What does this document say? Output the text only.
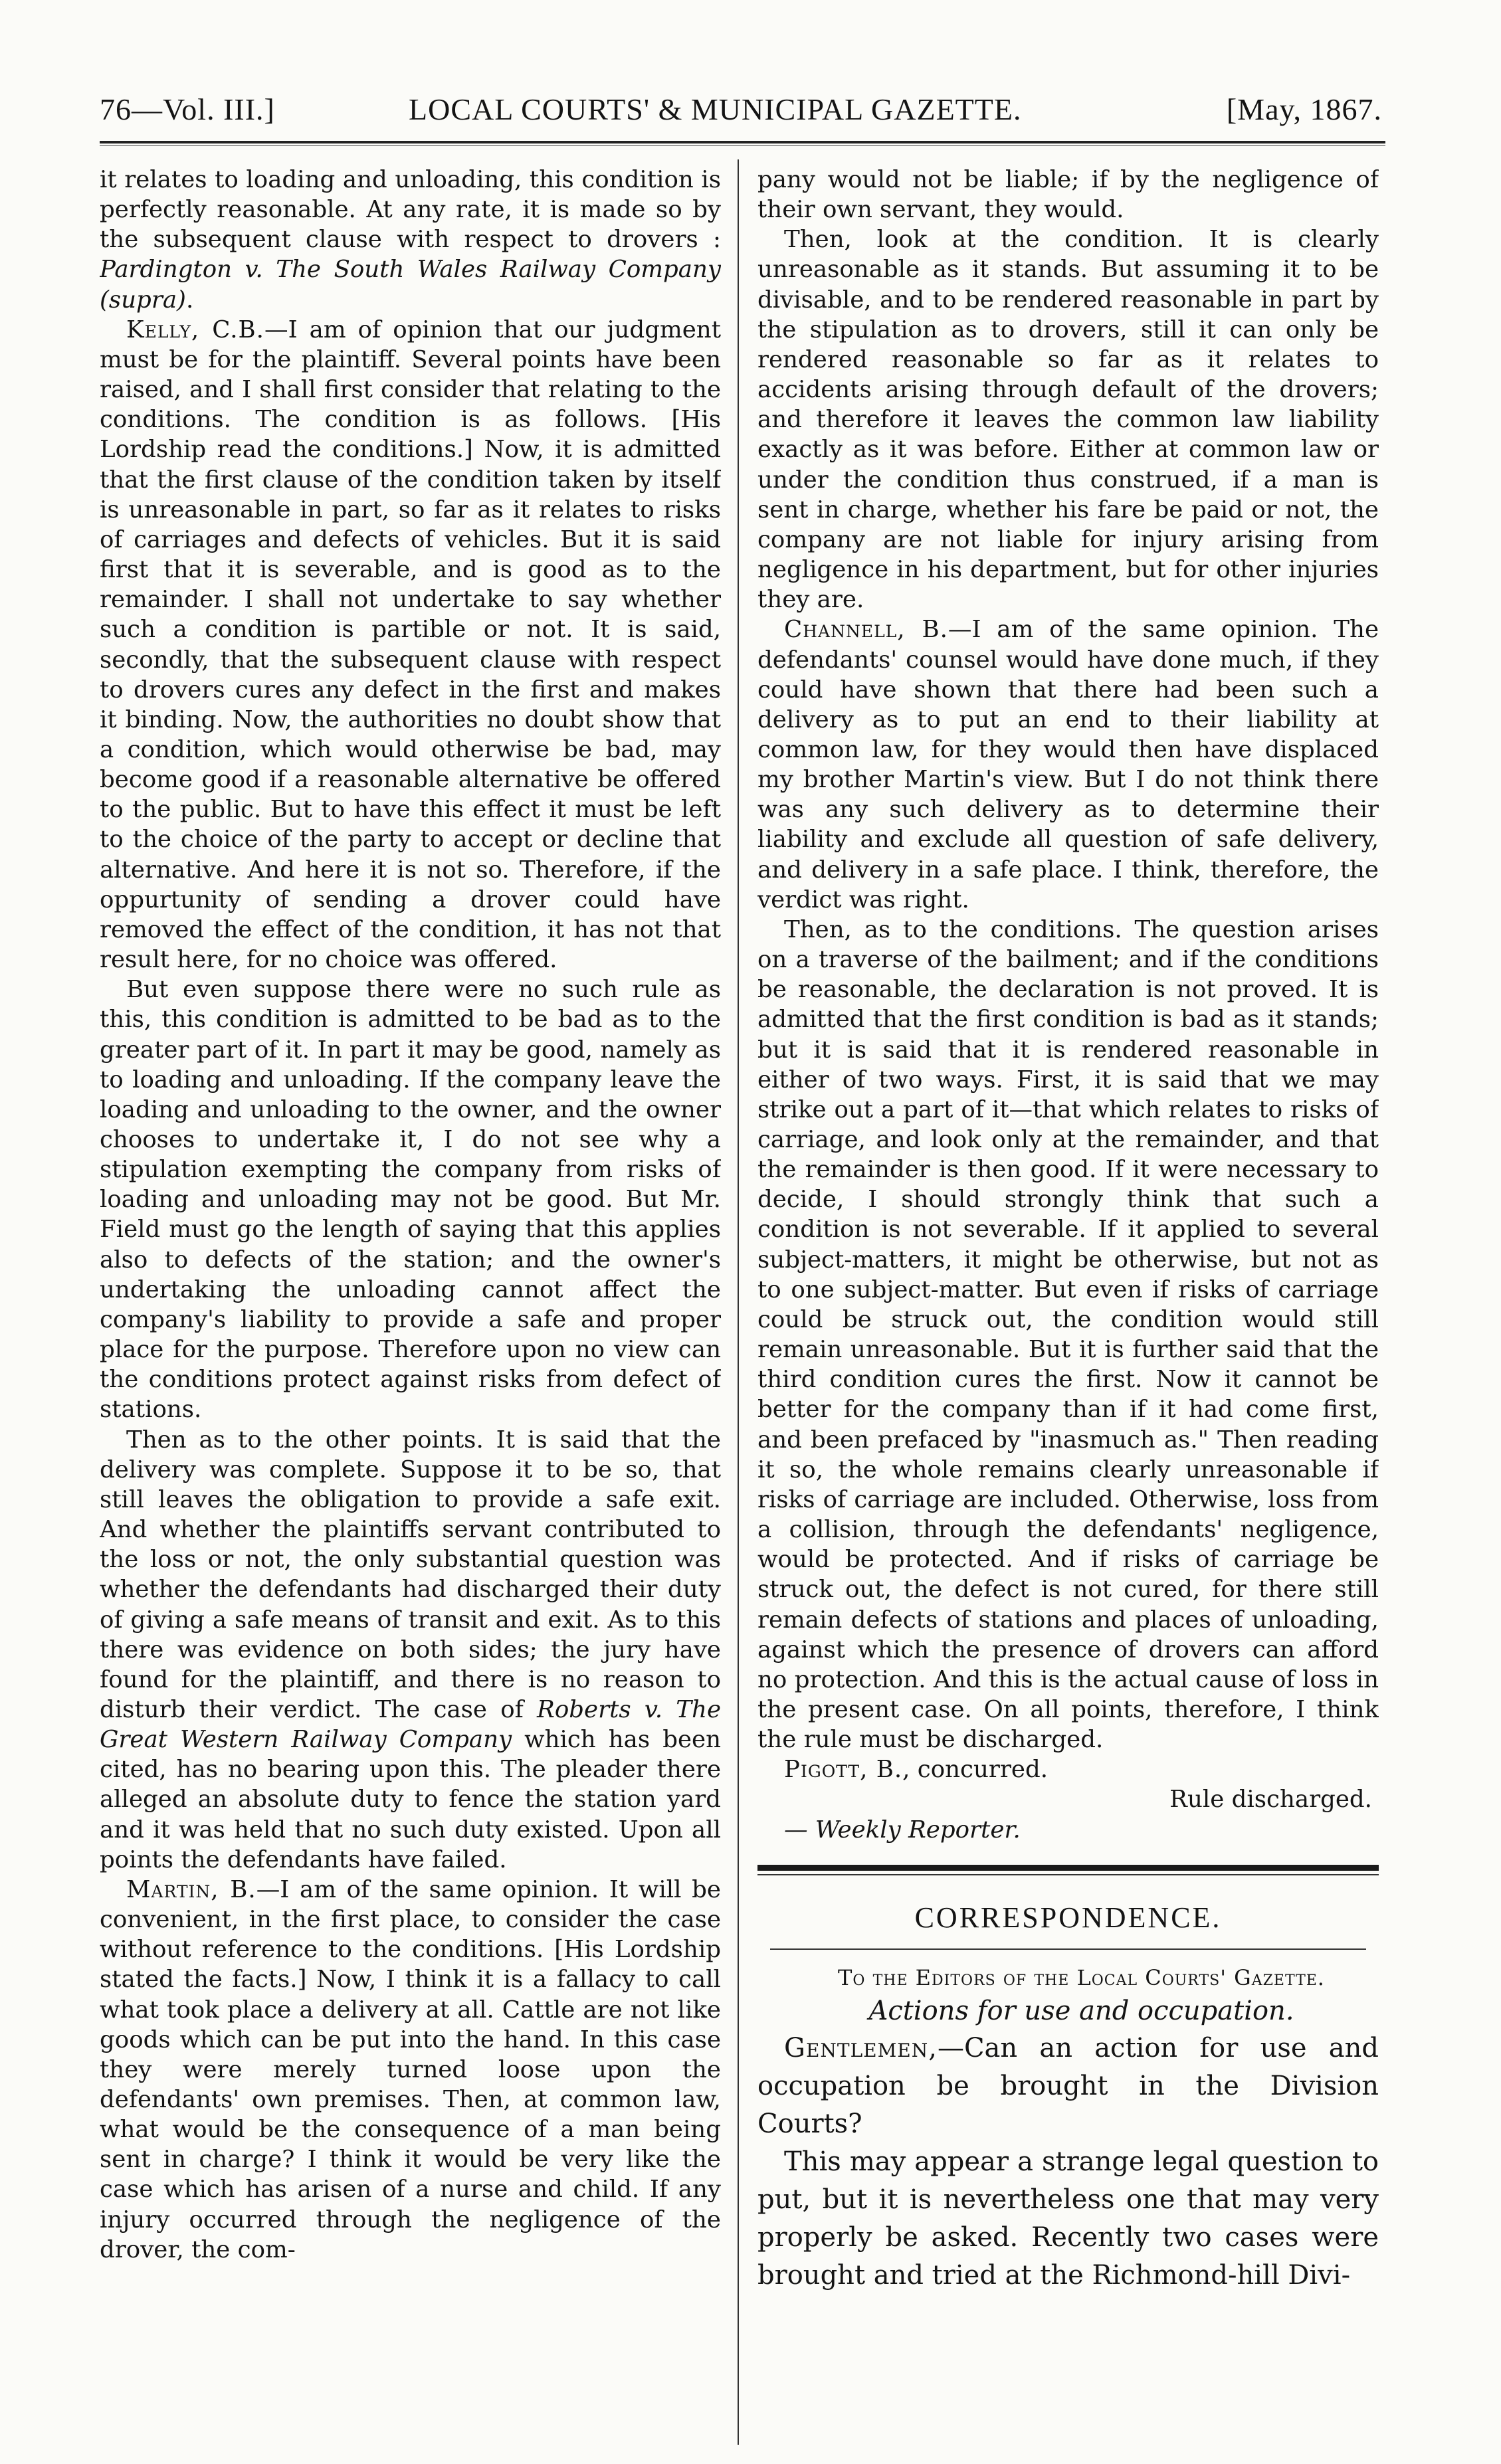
76—Vol. III.]	LOCAL COURTS' & MUNICIPAL GAZETTE.	[May, 1867.

it relates to loading and unloading, this condition is perfectly reasonable. At any rate, it is made so by the subsequent clause with respect to drovers : Pardington v. The South Wales Railway Company (supra).

Kelly, C.B.—I am of opinion that our judgment must be for the plaintiff. Several points have been raised, and I shall first consider that relating to the conditions. The condition is as follows. [His Lordship read the conditions.] Now, it is admitted that the first clause of the condition taken by itself is unreasonable in part, so far as it relates to risks of carriages and defects of vehicles. But it is said first that it is severable, and is good as to the remainder. I shall not undertake to say whether such a condition is partible or not. It is said, secondly, that the subsequent clause with respect to drovers cures any defect in the first and makes it binding. Now, the authorities no doubt show that a condition, which would otherwise be bad, may become good if a reasonable alternative be offered to the public. But to have this effect it must be left to the choice of the party to accept or decline that alternative. And here it is not so. Therefore, if the oppurtunity of sending a drover could have removed the effect of the condition, it has not that result here, for no choice was offered.

But even suppose there were no such rule as this, this condition is admitted to be bad as to the greater part of it. In part it may be good, namely as to loading and unloading. If the company leave the loading and unloading to the owner, and the owner chooses to undertake it, I do not see why a stipulation exempting the company from risks of loading and unloading may not be good. But Mr. Field must go the length of saying that this applies also to defects of the station; and the owner's undertaking the unloading cannot affect the company's liability to provide a safe and proper place for the purpose. Therefore upon no view can the conditions protect against risks from defect of stations.

Then as to the other points. It is said that the delivery was complete. Suppose it to be so, that still leaves the obligation to provide a safe exit. And whether the plaintiffs servant contributed to the loss or not, the only substantial question was whether the defendants had discharged their duty of giving a safe means of transit and exit. As to this there was evidence on both sides; the jury have found for the plaintiff, and there is no reason to disturb their verdict. The case of Roberts v. The Great Western Railway Company which has been cited, has no bearing upon this. The pleader there alleged an absolute duty to fence the station yard and it was held that no such duty existed. Upon all points the defendants have failed.

Martin, B.—I am of the same opinion. It will be convenient, in the first place, to consider the case without reference to the conditions. [His Lordship stated the facts.] Now, I think it is a fallacy to call what took place a delivery at all. Cattle are not like goods which can be put into the hand. In this case they were merely turned loose upon the defendants' own premises. Then, at common law, what would be the consequence of a man being sent in charge? I think it would be very like the case which has arisen of a nurse and child. If any injury occurred through the negligence of the drover, the com-

pany would not be liable; if by the negligence of their own servant, they would.

Then, look at the condition. It is clearly unreasonable as it stands. But assuming it to be divisable, and to be rendered reasonable in part by the stipulation as to drovers, still it can only be rendered reasonable so far as it relates to accidents arising through default of the drovers; and therefore it leaves the common law liability exactly as it was before. Either at common law or under the condition thus construed, if a man is sent in charge, whether his fare be paid or not, the company are not liable for injury arising from negligence in his department, but for other injuries they are.

Channell, B.—I am of the same opinion. The defendants' counsel would have done much, if they could have shown that there had been such a delivery as to put an end to their liability at common law, for they would then have displaced my brother Martin's view. But I do not think there was any such delivery as to determine their liability and exclude all question of safe delivery, and delivery in a safe place. I think, therefore, the verdict was right.

Then, as to the conditions. The question arises on a traverse of the bailment; and if the conditions be reasonable, the declaration is not proved. It is admitted that the first condition is bad as it stands; but it is said that it is rendered reasonable in either of two ways. First, it is said that we may strike out a part of it—that which relates to risks of carriage, and look only at the remainder, and that the remainder is then good. If it were necessary to decide, I should strongly think that such a condition is not severable. If it applied to several subject-matters, it might be otherwise, but not as to one subject-matter. But even if risks of carriage could be struck out, the condition would still remain unreasonable. But it is further said that the third condition cures the first. Now it cannot be better for the company than if it had come first, and been prefaced by "inasmuch as." Then reading it so, the whole remains clearly unreasonable if risks of carriage are included. Otherwise, loss from a collision, through the defendants' negligence, would be protected. And if risks of carriage be struck out, the defect is not cured, for there still remain defects of stations and places of unloading, against which the presence of drovers can afford no protection. And this is the actual cause of loss in the present case. On all points, therefore, I think the rule must be discharged.

Pigott, B., concurred.

Rule discharged.

— Weekly Reporter.

CORRESPONDENCE.

To the Editors of the Local Courts' Gazette.

Actions for use and occupation.

Gentlemen,—Can an action for use and occupation be brought in the Division Courts?

This may appear a strange legal question to put, but it is nevertheless one that may very properly be asked. Recently two cases were brought and tried at the Richmond-hill Divi-
